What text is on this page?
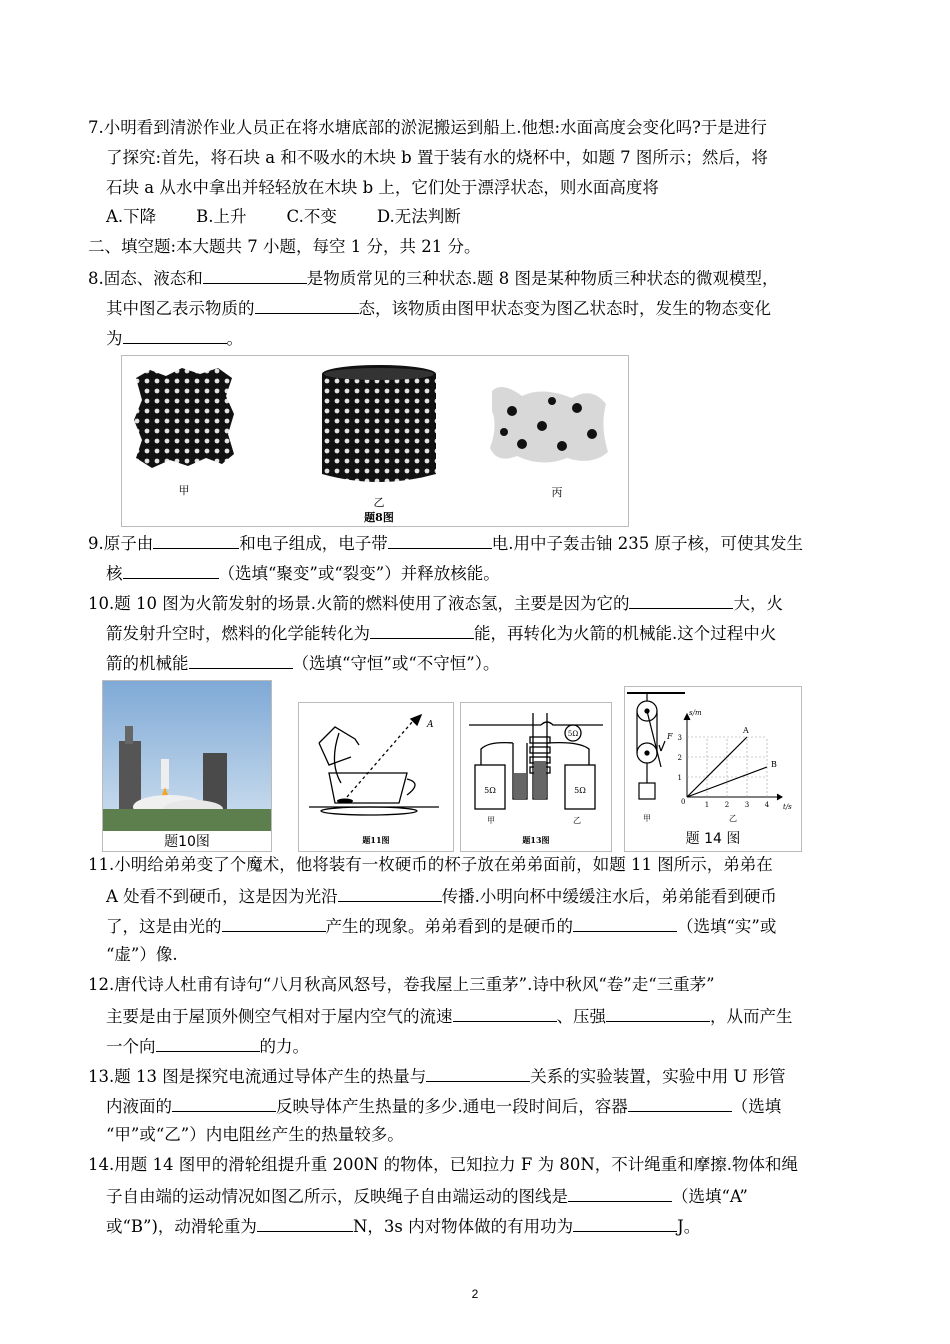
7.小明看到清淤作业人员正在将水塘底部的淤泥搬运到船上.他想:水面高度会变化吗?于是进行
了探究:首先，将石块 a 和不吸水的木块 b 置于装有水的烧杯中，如题 7 图所示；然后，将
石块 a 从水中拿出并轻轻放在木块 b 上，它们处于漂浮状态，则水面高度将
A.下降 B.上升 C.不变 D.无法判断
二、填空题:本大题共 7 小题，每空 1 分，共 21 分。
8.固态、液态和	是物质常见的三种状态.题 8 图是某种物质三种状态的微观模型，
其中图乙表示物质的	态，该物质由图甲状态变为图乙状态时，发生的物态变化
为	。
甲
乙
题8图
丙
9.原子由	和电子组成，电子带	电.用中子轰击铀 235 原子核，可使其发生
核	（选填“聚变”或“裂变”）并释放核能。
10.题 10 图为火箭发射的场景.火箭的燃料使用了液态氢，主要是因为它的	大，火
箭发射升空时，燃料的化学能转化为	能，再转化为火箭的机械能.这个过程中火
箭的机械能	（选填“守恒”或“不守恒”）。
题10图
A
题11图
5Ω	5Ω
5Ω
甲	乙
题13图
F
甲
s/m
t/s
A
B
0	1 2 3 4
1
2
3
乙
题 14 图
11.小明给弟弟变了个魔术，他将装有一枚硬币的杯子放在弟弟面前，如题 11 图所示，弟弟在
A 处看不到硬币，这是因为光沿	传播.小明向杯中缓缓注水后，弟弟能看到硬币
了，这是由光的	产生的现象。弟弟看到的是硬币的	（选填“实”或
“虚”）像.
12.唐代诗人杜甫有诗句“八月秋高风怒号，卷我屋上三重茅”.诗中秋风“卷”走“三重茅”
主要是由于屋顶外侧空气相对于屋内空气的流速	、压强	，从而产生
一个向	的力。
13.题 13 图是探究电流通过导体产生的热量与	关系的实验装置，实验中用 U 形管
内液面的	反映导体产生热量的多少.通电一段时间后，容器	（选填
“甲”或“乙”）内电阻丝产生的热量较多。
14.用题 14 图甲的滑轮组提升重 200N 的物体，已知拉力 F 为 80N，不计绳重和摩擦.物体和绳
子自由端的运动情况如图乙所示，反映绳子自由端运动的图线是	（选填“A”
或“B”)，动滑轮重为	N，3s 内对物体做的有用功为	J。
2
